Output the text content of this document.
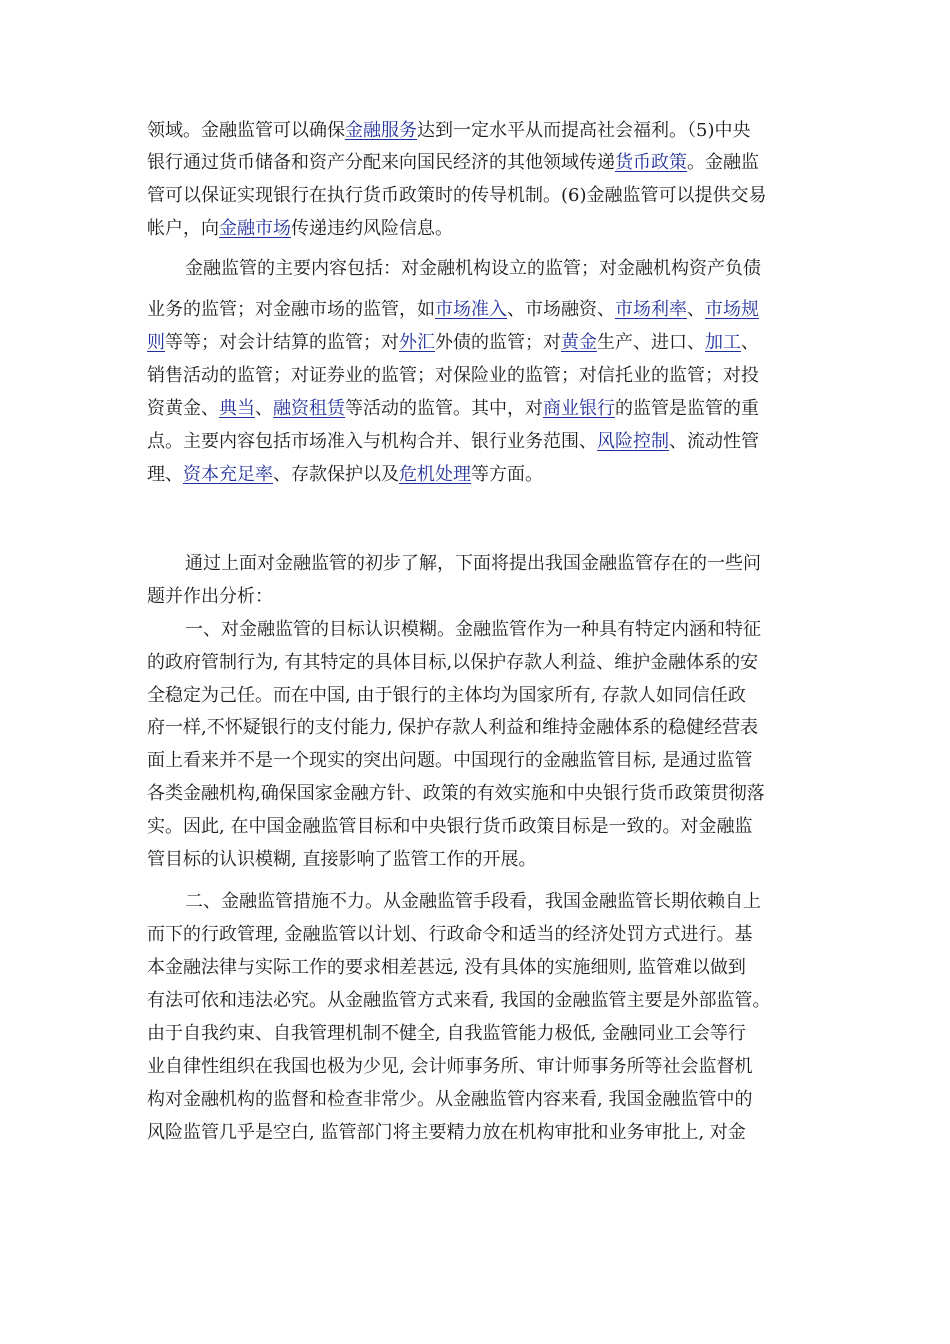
领域。金融监管可以确保金融服务达到一定水平从而提高社会福利。（5)中央
银行通过货币储备和资产分配来向国民经济的其他领域传递货币政策。金融监
管可以保证实现银行在执行货币政策时的传导机制。(6)金融监管可以提供交易
帐户，向金融市场传递违约风险信息。
金融监管的主要内容包括：对金融机构设立的监管；对金融机构资产负债
业务的监管；对金融市场的监管，如市场准入、市场融资、市场利率、市场规
则等等；对会计结算的监管；对外汇外债的监管；对黄金生产、进口、加工、
销售活动的监管；对证券业的监管；对保险业的监管；对信托业的监管；对投
资黄金、典当、融资租赁等活动的监管。其中，对商业银行的监管是监管的重
点。主要内容包括市场准入与机构合并、银行业务范围、风险控制、流动性管
理、资本充足率、存款保护以及危机处理等方面。
通过上面对金融监管的初步了解，下面将提出我国金融监管存在的一些问
题并作出分析：
一、对金融监管的目标认识模糊。金融监管作为一种具有特定内涵和特征
的政府管制行为, 有其特定的具体目标,以保护存款人利益、维护金融体系的安
全稳定为己任。而在中国, 由于银行的主体均为国家所有, 存款人如同信任政
府一样,不怀疑银行的支付能力, 保护存款人利益和维持金融体系的稳健经营表
面上看来并不是一个现实的突出问题。中国现行的金融监管目标, 是通过监管
各类金融机构,确保国家金融方针、政策的有效实施和中央银行货币政策贯彻落
实。因此, 在中国金融监管目标和中央银行货币政策目标是一致的。对金融监
管目标的认识模糊, 直接影响了监管工作的开展。
二、金融监管措施不力。从金融监管手段看，我国金融监管长期依赖自上
而下的行政管理, 金融监管以计划、行政命令和适当的经济处罚方式进行。基
本金融法律与实际工作的要求相差甚远, 没有具体的实施细则, 监管难以做到
有法可依和违法必究。从金融监管方式来看, 我国的金融监管主要是外部监管。
由于自我约束、自我管理机制不健全, 自我监管能力极低, 金融同业工会等行
业自律性组织在我国也极为少见, 会计师事务所、审计师事务所等社会监督机
构对金融机构的监督和检查非常少。从金融监管内容来看, 我国金融监管中的
风险监管几乎是空白, 监管部门将主要精力放在机构审批和业务审批上, 对金
